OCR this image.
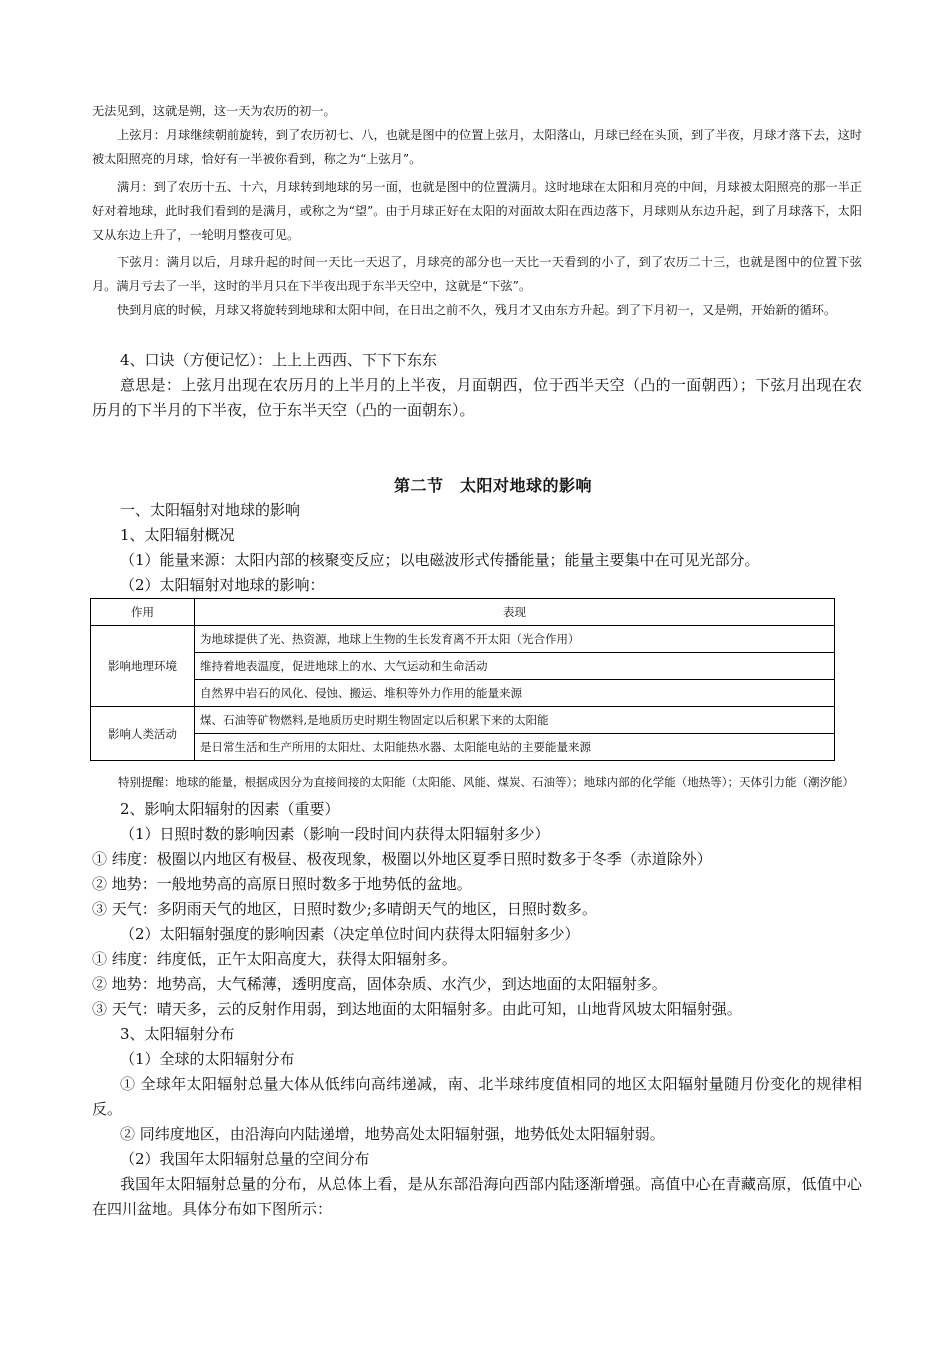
无法见到，这就是朔，这一天为农历的初一。

上弦月：月球继续朝前旋转，到了农历初七、八，也就是图中的位置上弦月，太阳落山，月球已经在头顶，到了半夜，月球才落下去，这时被太阳照亮的月球，恰好有一半被你看到，称之为“上弦月”。

满月：到了农历十五、十六，月球转到地球的另一面，也就是图中的位置满月。这时地球在太阳和月亮的中间，月球被太阳照亮的那一半正好对着地球，此时我们看到的是满月，或称之为“望”。由于月球正好在太阳的对面故太阳在西边落下，月球则从东边升起，到了月球落下，太阳又从东边上升了，一轮明月整夜可见。

下弦月：满月以后，月球升起的时间一天比一天迟了，月球亮的部分也一天比一天看到的小了，到了农历二十三，也就是图中的位置下弦月。满月亏去了一半，这时的半月只在下半夜出现于东半天空中，这就是“下弦”。

快到月底的时候，月球又将旋转到地球和太阳中间，在日出之前不久，残月才又由东方升起。到了下月初一，又是朔，开始新的循环。

4、口诀（方便记忆）：上上上西西、下下下东东

意思是：上弦月出现在农历月的上半月的上半夜，月面朝西，位于西半天空（凸的一面朝西）；下弦月出现在农历月的下半月的下半夜，位于东半天空（凸的一面朝东）。

第二节　太阳对地球的影响

一、太阳辐射对地球的影响

1、太阳辐射概况

（1）能量来源：太阳内部的核聚变反应；以电磁波形式传播能量；能量主要集中在可见光部分。

（2）太阳辐射对地球的影响：

作用	表现
影响地理环境	为地球提供了光、热资源，地球上生物的生长发育离不开太阳（光合作用）
	维持着地表温度，促进地球上的水、大气运动和生命活动
	自然界中岩石的风化、侵蚀、搬运、堆积等外力作用的能量来源
影响人类活动	煤、石油等矿物燃料,是地质历史时期生物固定以后积累下来的太阳能
	是日常生活和生产所用的太阳灶、太阳能热水器、太阳能电站的主要能量来源

特别提醒：地球的能量，根据成因分为直接间接的太阳能（太阳能、风能、煤炭、石油等）；地球内部的化学能（地热等）；天体引力能（潮汐能）

2、影响太阳辐射的因素（重要）

（1）日照时数的影响因素（影响一段时间内获得太阳辐射多少）

① 纬度：极圈以内地区有极昼、极夜现象，极圈以外地区夏季日照时数多于冬季（赤道除外）

② 地势：一般地势高的高原日照时数多于地势低的盆地。

③ 天气：多阴雨天气的地区，日照时数少;多晴朗天气的地区，日照时数多。

（2）太阳辐射强度的影响因素（决定单位时间内获得太阳辐射多少）

① 纬度：纬度低，正午太阳高度大，获得太阳辐射多。

② 地势：地势高，大气稀薄，透明度高，固体杂质、水汽少，到达地面的太阳辐射多。

③ 天气：晴天多，云的反射作用弱，到达地面的太阳辐射多。由此可知，山地背风坡太阳辐射强。

3、太阳辐射分布

（1）全球的太阳辐射分布

① 全球年太阳辐射总量大体从低纬向高纬递减，南、北半球纬度值相同的地区太阳辐射量随月份变化的规律相反。

② 同纬度地区，由沿海向内陆递增，地势高处太阳辐射强，地势低处太阳辐射弱。

（2）我国年太阳辐射总量的空间分布

我国年太阳辐射总量的分布，从总体上看，是从东部沿海向西部内陆逐渐增强。高值中心在青藏高原，低值中心在四川盆地。具体分布如下图所示：
